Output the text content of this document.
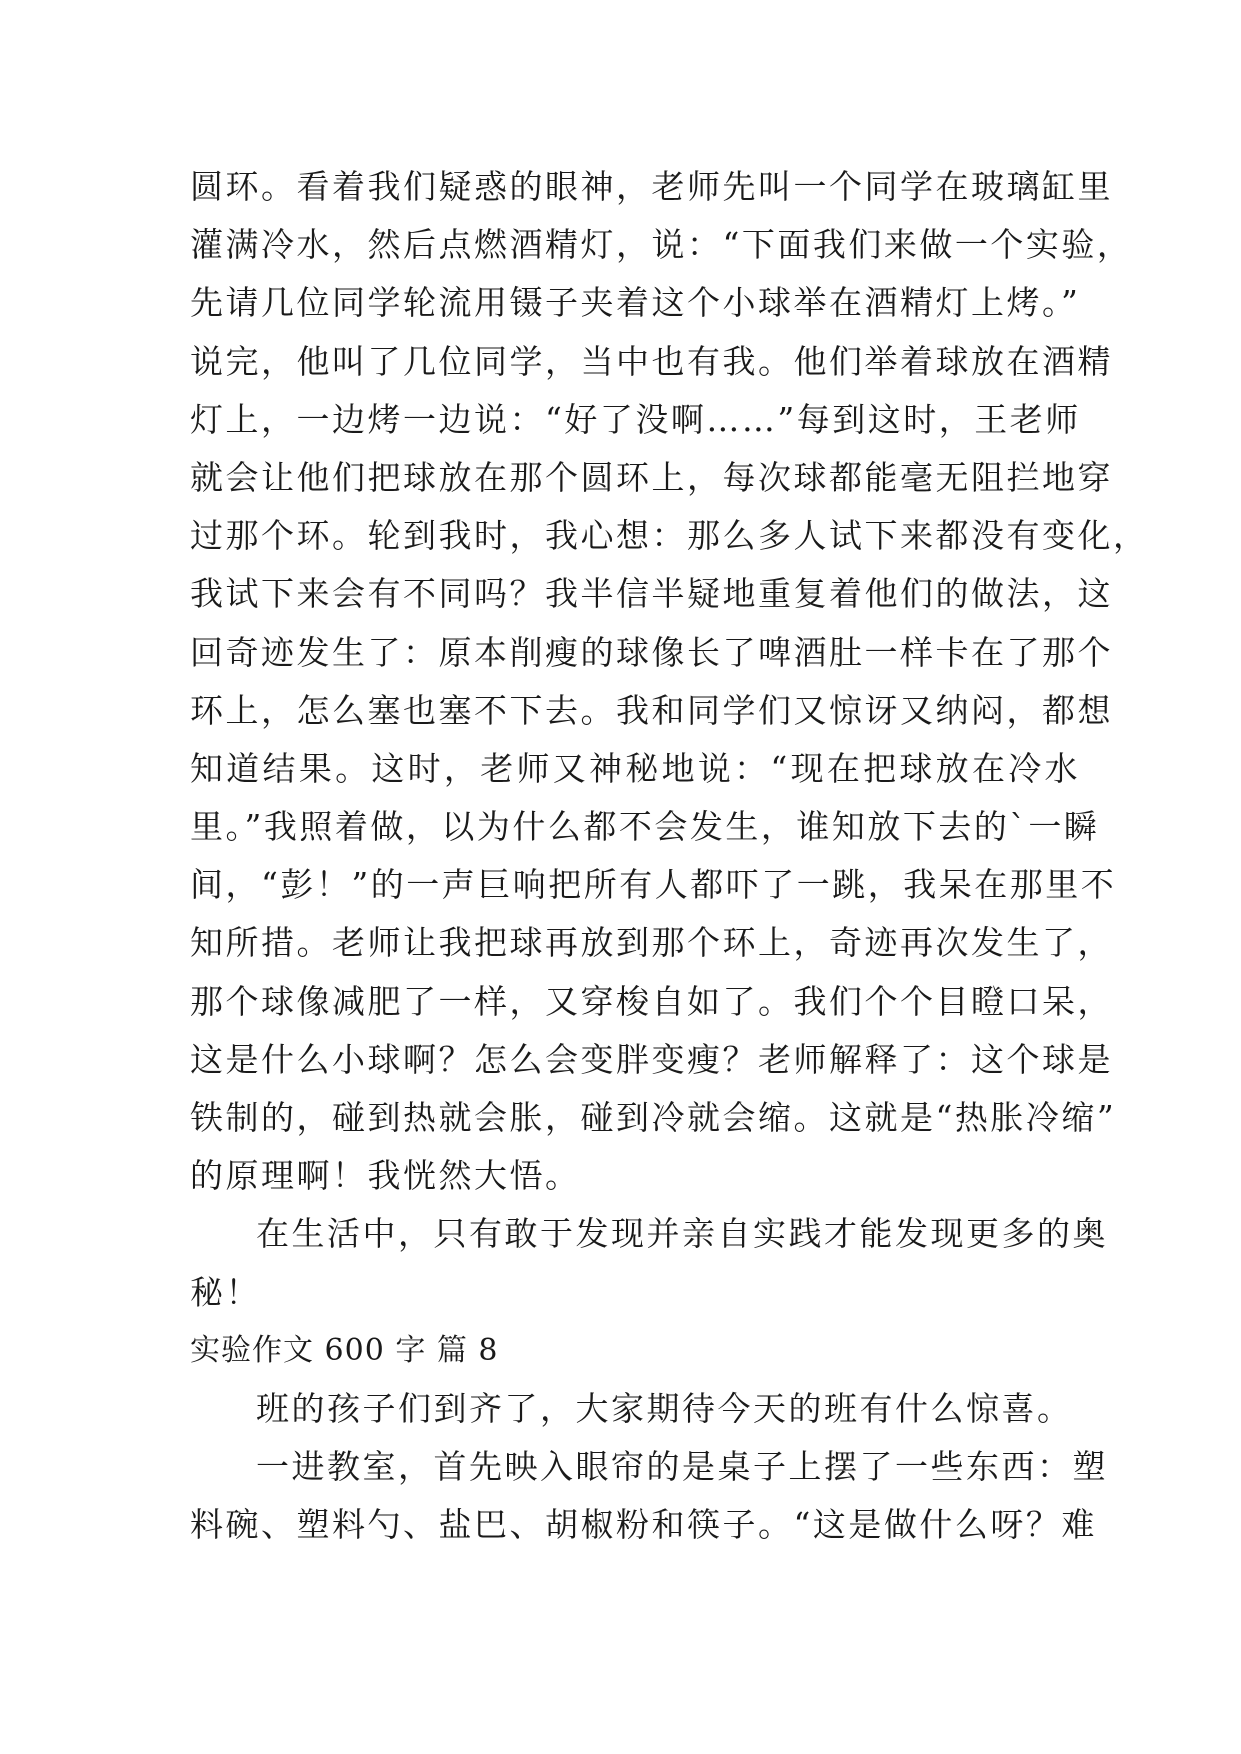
圆环。看着我们疑惑的眼神，老师先叫一个同学在玻璃缸里
灌满冷水，然后点燃酒精灯，说：“下面我们来做一个实验，
先请几位同学轮流用镊子夹着这个小球举在酒精灯上烤。”
说完，他叫了几位同学，当中也有我。他们举着球放在酒精
灯上，一边烤一边说：“好了没啊……”每到这时，王老师
就会让他们把球放在那个圆环上，每次球都能毫无阻拦地穿
过那个环。轮到我时，我心想：那么多人试下来都没有变化，
我试下来会有不同吗？我半信半疑地重复着他们的做法，这
回奇迹发生了：原本削瘦的球像长了啤酒肚一样卡在了那个
环上，怎么塞也塞不下去。我和同学们又惊讶又纳闷，都想
知道结果。这时，老师又神秘地说：“现在把球放在冷水
里。”我照着做，以为什么都不会发生，谁知放下去的`一瞬
间，“彭！”的一声巨响把所有人都吓了一跳，我呆在那里不
知所措。老师让我把球再放到那个环上，奇迹再次发生了，
那个球像减肥了一样，又穿梭自如了。我们个个目瞪口呆，
这是什么小球啊？怎么会变胖变瘦？老师解释了：这个球是
铁制的，碰到热就会胀，碰到冷就会缩。这就是“热胀冷缩”
的原理啊！我恍然大悟。
在生活中，只有敢于发现并亲自实践才能发现更多的奥
秘！
实验作文 600 字 篇 8
班的孩子们到齐了，大家期待今天的班有什么惊喜。
一进教室，首先映入眼帘的是桌子上摆了一些东西：塑
料碗、塑料勺、盐巴、胡椒粉和筷子。“这是做什么呀？难
